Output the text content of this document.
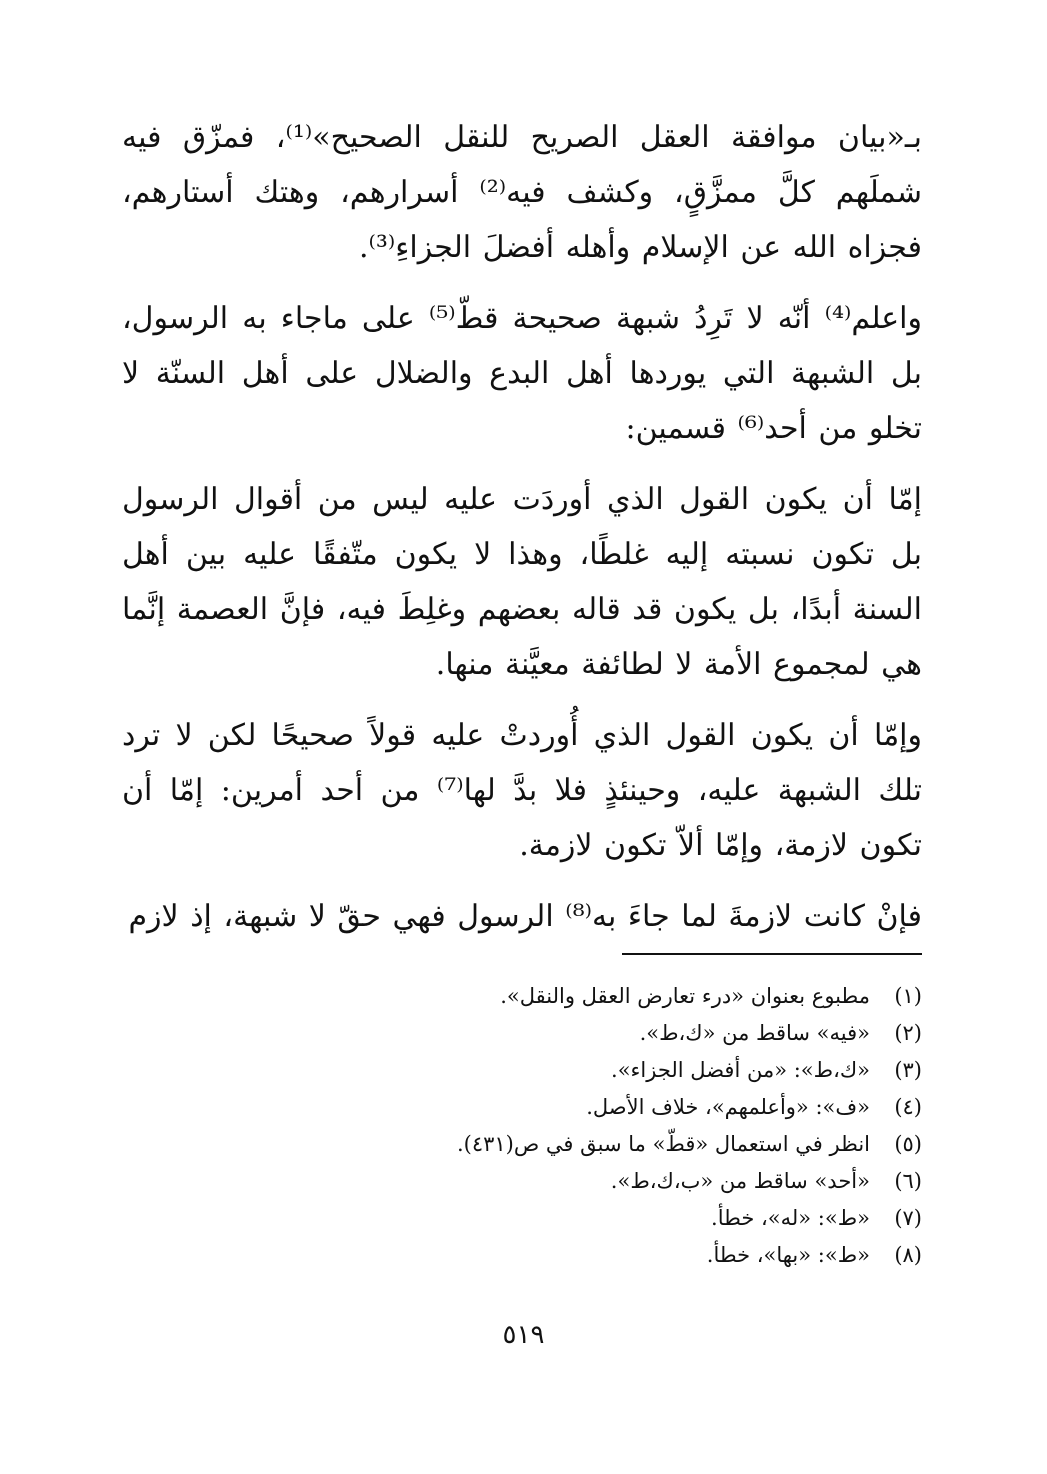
بـ«بيان موافقة العقل الصريح للنقل الصحيح»⁽¹⁾، فمزّق فيه شملَهم كلَّ ممزَّقٍ، وكشف فيه⁽²⁾ أسرارهم، وهتك أستارهم، فجزاه الله عن الإسلام وأهله أفضلَ الجزاءِ⁽³⁾.

واعلم⁽⁴⁾ أنّه لا تَرِدُ شبهة صحيحة قطّ⁽⁵⁾ على ماجاء به الرسول، بل الشبهة التي يوردها أهل البدع والضلال على أهل السنّة لا تخلو من أحد⁽⁶⁾ قسمين:

إمّا أن يكون القول الذي أوردَت عليه ليس من أقوال الرسول بل تكون نسبته إليه غلطًا، وهذا لا يكون متّفقًا عليه بين أهل السنة أبدًا، بل يكون قد قاله بعضهم وغلِطَ فيه، فإنَّ العصمة إنَّما هي لمجموع الأمة لا لطائفة معيَّنة منها.

وإمّا أن يكون القول الذي أُوردتْ عليه قولاً صحيحًا لكن لا ترد تلك الشبهة عليه، وحينئذٍ فلا بدَّ لها⁽⁷⁾ من أحد أمرين: إمّا أن تكون لازمة، وإمّا ألاّ تكون لازمة.

فإنْ كانت لازمةَ لما جاءَ به⁽⁸⁾ الرسول فهي حقّ لا شبهة، إذ لازم

(١)
مطبوع بعنوان «درء تعارض العقل والنقل».
(٢)
«فيه» ساقط من «ك،ط».
(٣)
«ك،ط»: «من أفضل الجزاء».
(٤)
«ف»: «وأعلمهم»، خلاف الأصل.
(٥)
انظر في استعمال «قطّ» ما سبق في ص(٤٣١).
(٦)
«أحد» ساقط من «ب،ك،ط».
(٧)
«ط»: «له»، خطأ.
(٨)
«ط»: «بها»، خطأ.
٥١٩
